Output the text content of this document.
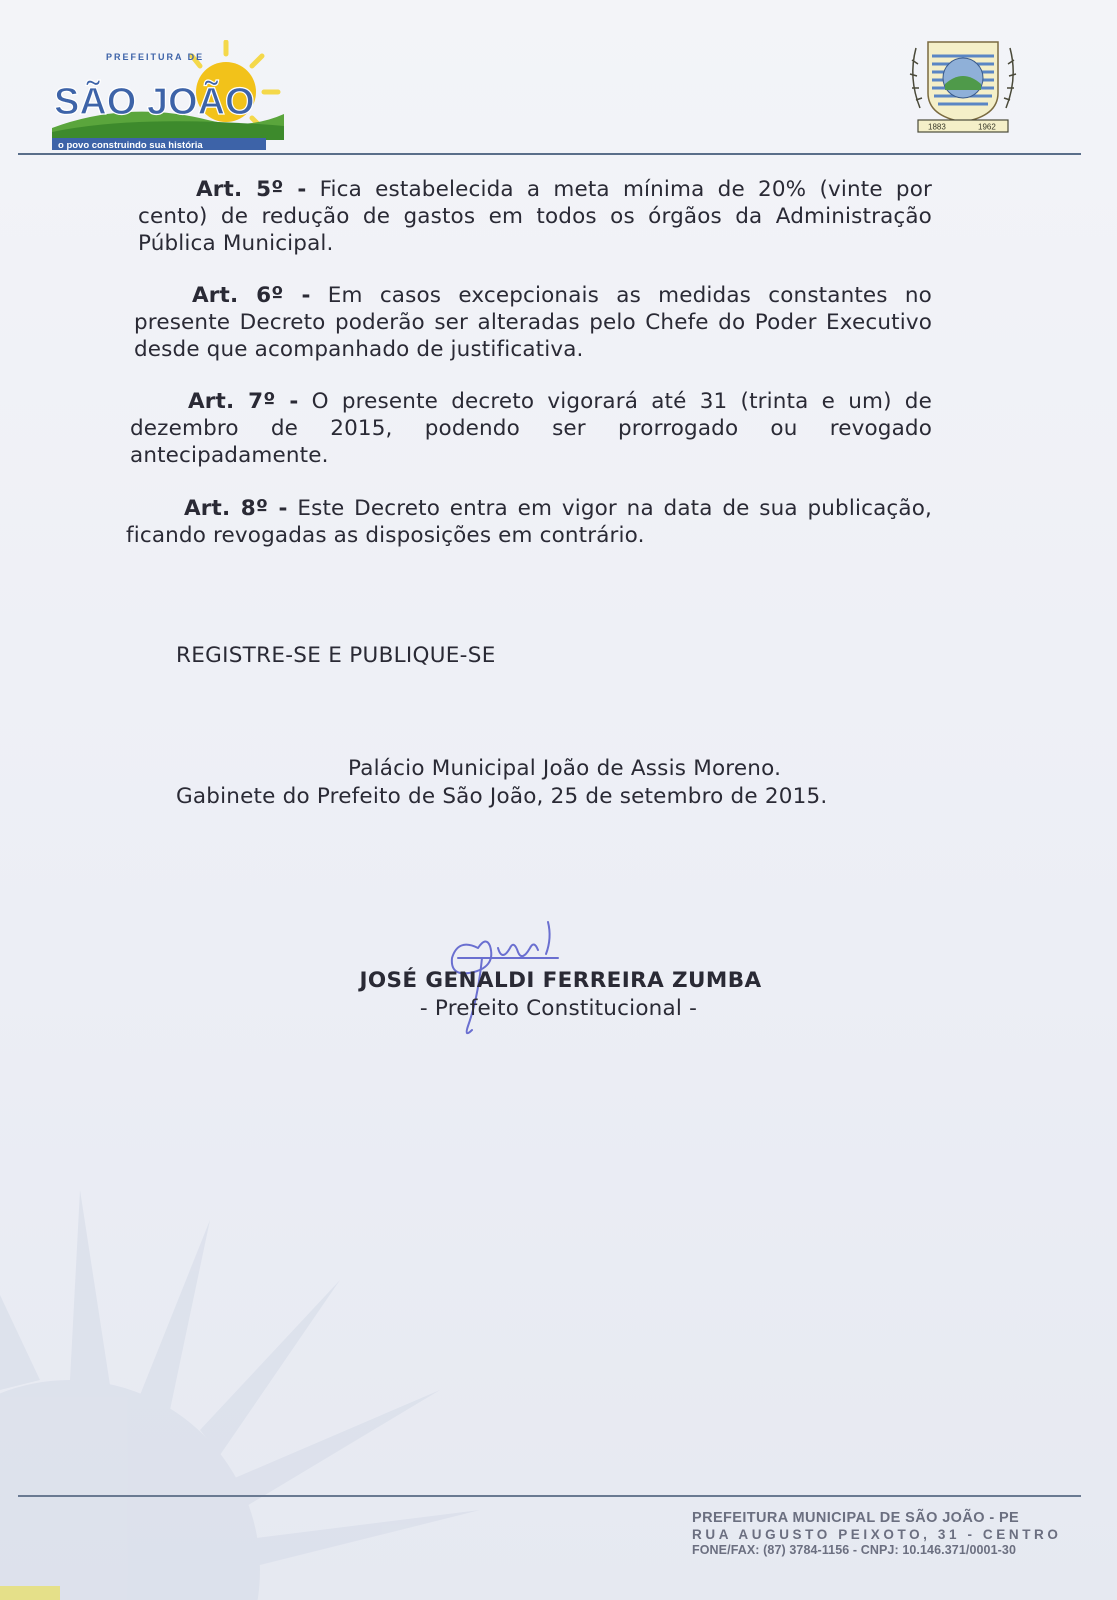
PREFEITURA DE
SÃO JOÃO
o povo construindo sua história
1883	1962
Art. 5º - Fica estabelecida a meta mínima de 20% (vinte por cento) de redução de gastos em todos os órgãos da Administração Pública Municipal.
Art. 6º - Em casos excepcionais as medidas constantes no presente Decreto poderão ser alteradas pelo Chefe do Poder Executivo desde que acompanhado de justificativa.
Art. 7º - O presente decreto vigorará até 31 (trinta e um) de dezembro de 2015, podendo ser prorrogado ou revogado antecipadamente.
Art. 8º - Este Decreto entra em vigor na data de sua publicação, ficando revogadas as disposições em contrário.
REGISTRE-SE E PUBLIQUE-SE
Palácio Municipal João de Assis Moreno.
Gabinete do Prefeito de São João, 25 de setembro de 2015.
JOSÉ GENALDI FERREIRA ZUMBA
- Prefeito Constitucional -
PREFEITURA MUNICIPAL DE SÃO JOÃO - PE
RUA AUGUSTO PEIXOTO, 31 - CENTRO
FONE/FAX: (87) 3784-1156 - CNPJ: 10.146.371/0001-30
